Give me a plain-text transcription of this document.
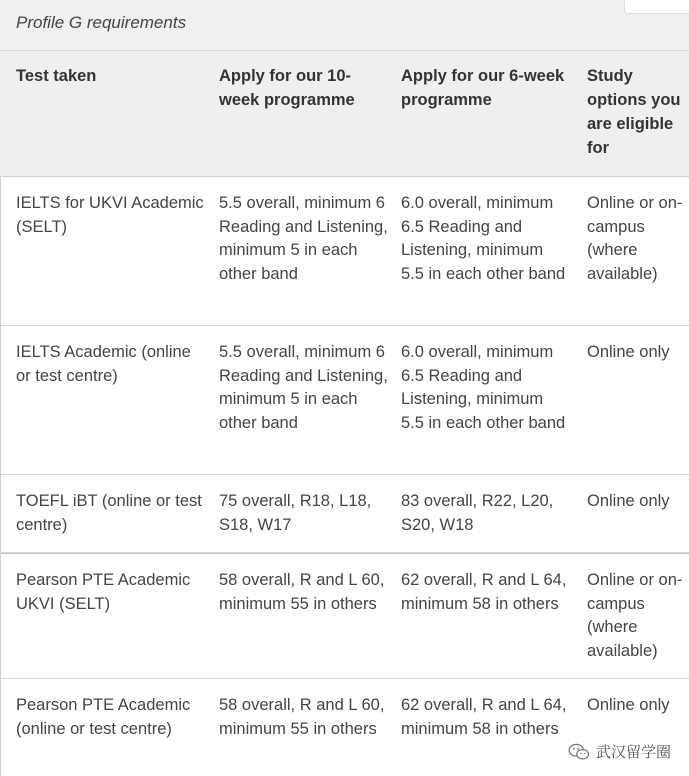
Profile G requirements
Test taken	Apply for our 10-week programme
Apply for our 6-week programme
Study options you are eligible for
IELTS for UKVI Academic (SELT)
5.5 overall, minimum 6 Reading and Listening, minimum 5 in each other band
6.0 overall, minimum 6.5 Reading and Listening, minimum 5.5 in each other band
Online or on-campus (where available)
IELTS Academic (online or test centre)
5.5 overall, minimum 6 Reading and Listening, minimum 5 in each other band
6.0 overall, minimum 6.5 Reading and Listening, minimum 5.5 in each other band
Online only
TOEFL iBT (online or test centre)
75 overall, R18, L18, S18, W17
83 overall, R22, L20, S20, W18
Online only
Pearson PTE Academic UKVI (SELT)
58 overall, R and L 60, minimum 55 in others
62 overall, R and L 64, minimum 58 in others
Online or on-campus (where available)
Pearson PTE Academic (online or test centre)
58 overall, R and L 60, minimum 55 in others
62 overall, R and L 64, minimum 58 in others
Online only
武汉留学圈
